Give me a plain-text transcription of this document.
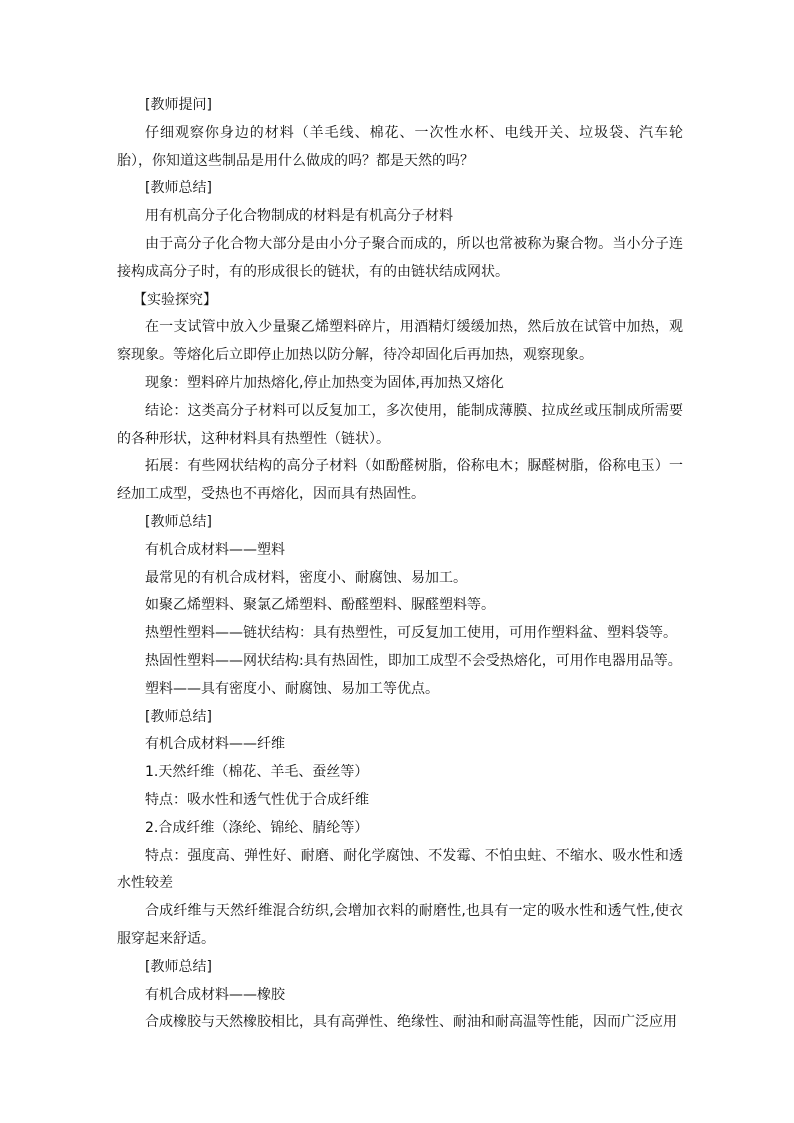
[教师提问]

仔细观察你身边的材料（羊毛线、棉花、一次性水杯、电线开关、垃圾袋、汽车轮胎），你知道这些制品是用什么做成的吗？都是天然的吗？

[教师总结]

用有机高分子化合物制成的材料是有机高分子材料

由于高分子化合物大部分是由小分子聚合而成的，所以也常被称为聚合物。当小分子连接构成高分子时，有的形成很长的链状，有的由链状结成网状。

【实验探究】

在一支试管中放入少量聚乙烯塑料碎片，用酒精灯缓缓加热，然后放在试管中加热，观察现象。等熔化后立即停止加热以防分解，待冷却固化后再加热，观察现象。

现象：塑料碎片加热熔化,停止加热变为固体,再加热又熔化

结论：这类高分子材料可以反复加工，多次使用，能制成薄膜、拉成丝或压制成所需要的各种形状，这种材料具有热塑性（链状）。

拓展：有些网状结构的高分子材料（如酚醛树脂，俗称电木；脲醛树脂，俗称电玉）一经加工成型，受热也不再熔化，因而具有热固性。

[教师总结]

有机合成材料——塑料

最常见的有机合成材料，密度小、耐腐蚀、易加工。

如聚乙烯塑料、聚氯乙烯塑料、酚醛塑料、脲醛塑料等。

热塑性塑料——链状结构：具有热塑性，可反复加工使用，可用作塑料盆、塑料袋等。

热固性塑料——网状结构:具有热固性，即加工成型不会受热熔化，可用作电器用品等。

塑料——具有密度小、耐腐蚀、易加工等优点。

[教师总结]

有机合成材料——纤维

1.天然纤维（棉花、羊毛、蚕丝等）

特点：吸水性和透气性优于合成纤维

2.合成纤维（涤纶、锦纶、腈纶等）

特点：强度高、弹性好、耐磨、耐化学腐蚀、不发霉、不怕虫蛀、不缩水、吸水性和透水性较差

合成纤维与天然纤维混合纺织,会增加衣料的耐磨性,也具有一定的吸水性和透气性,使衣服穿起来舒适。

[教师总结]

有机合成材料——橡胶

合成橡胶与天然橡胶相比，具有高弹性、绝缘性、耐油和耐高温等性能，因而广泛应用
